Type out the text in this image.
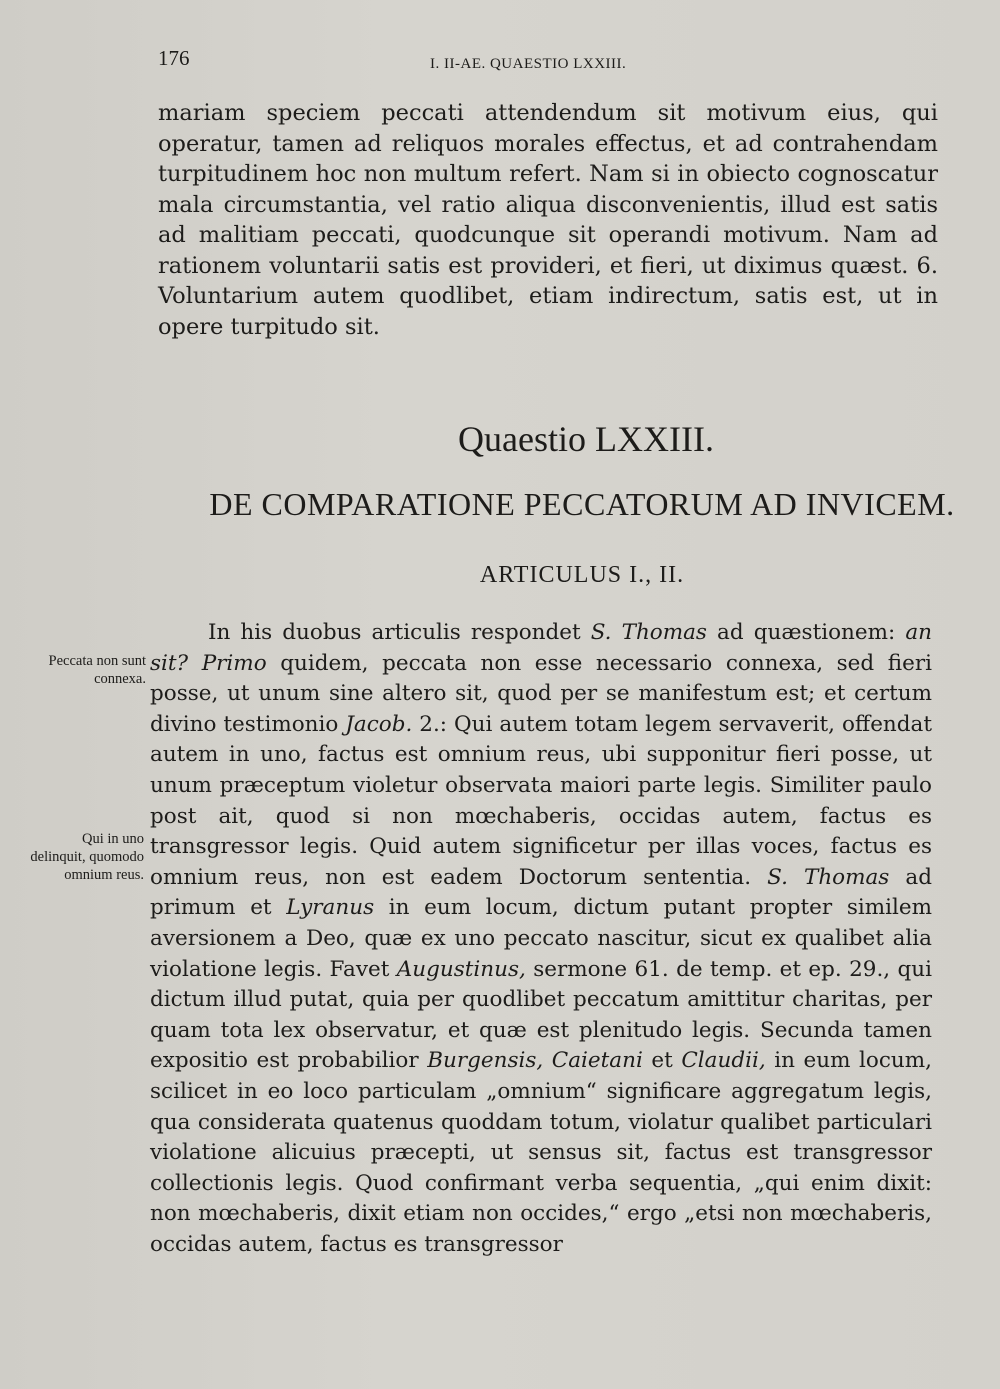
176	I. II-AE. QUAESTIO LXXIII.

mariam speciem peccati attendendum sit motivum eius, qui operatur, tamen ad reliquos morales effectus, et ad contrahendam turpitudinem hoc non multum refert. Nam si in obiecto cognoscatur mala circumstantia, vel ratio aliqua disconvenientis, illud est satis ad malitiam peccati, quodcunque sit operandi motivum. Nam ad rationem voluntarii satis est provideri, et fieri, ut diximus quæst. 6. Voluntarium autem quodlibet, etiam indirectum, satis est, ut in opere turpitudo sit.

Quaestio LXXIII.
DE COMPARATIONE PECCATORUM AD INVICEM.
ARTICULUS I., II.
Peccata non sunt connexa.
Qui in uno delinquit, quomodo omnium reus.

In his duobus articulis respondet S. Thomas ad quæstionem: an sit? Primo quidem, peccata non esse necessario connexa, sed fieri posse, ut unum sine altero sit, quod per se manifestum est; et certum divino testimonio Jacob. 2.: Qui autem totam legem servaverit, offendat autem in uno, factus est omnium reus, ubi supponitur fieri posse, ut unum præceptum violetur observata maiori parte legis. Similiter paulo post ait, quod si non mœchaberis, occidas autem, factus es transgressor legis. Quid autem significetur per illas voces, factus es omnium reus, non est eadem Doctorum sententia. S. Thomas ad primum et Lyranus in eum locum, dictum putant propter similem aversionem a Deo, quæ ex uno peccato nascitur, sicut ex qualibet alia violatione legis. Favet Augustinus, sermone 61. de temp. et ep. 29., qui dictum illud putat, quia per quodlibet peccatum amittitur charitas, per quam tota lex observatur, et quæ est plenitudo legis. Secunda tamen expositio est probabilior Burgensis, Caietani et Claudii, in eum locum, scilicet in eo loco particulam „omnium“ significare aggregatum legis, qua considerata quatenus quoddam totum, violatur qualibet particulari violatione alicuius præcepti, ut sensus sit, factus est transgressor collectionis legis. Quod confirmant verba sequentia, „qui enim dixit: non mœchaberis, dixit etiam non occides,“ ergo „etsi non mœchaberis, occidas autem, factus es transgressor
